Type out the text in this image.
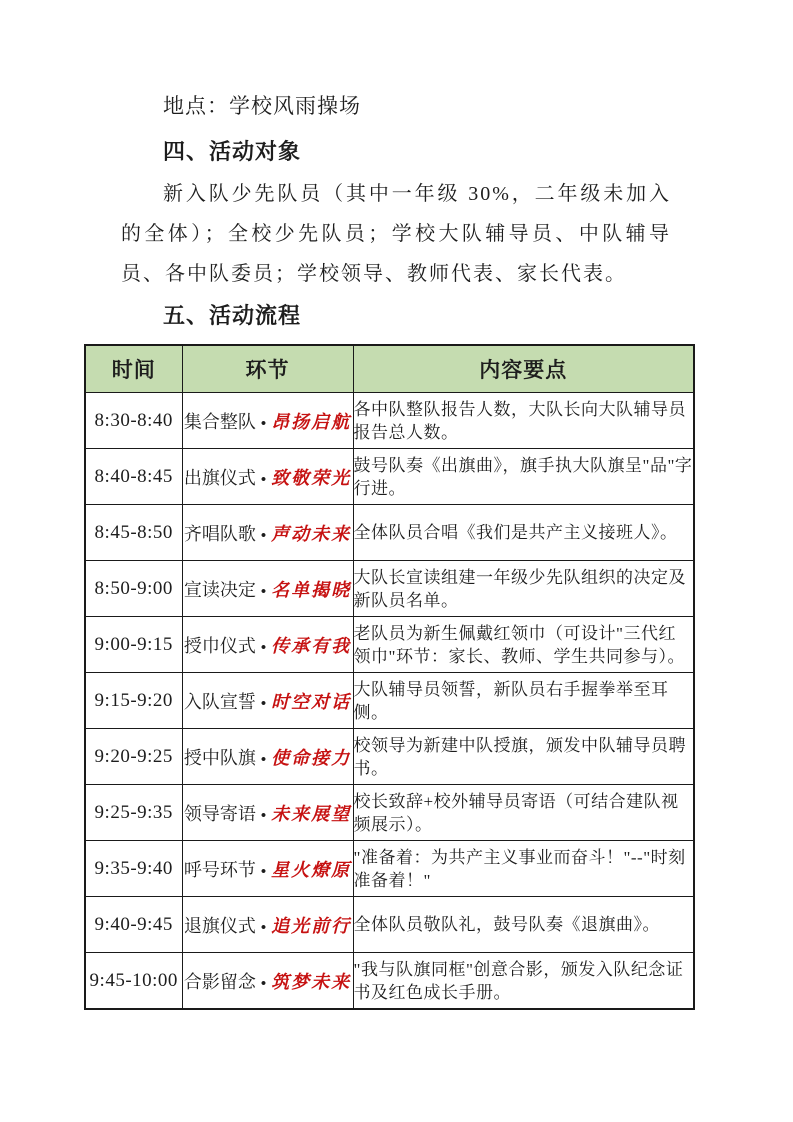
地点：学校风雨操场

四、活动对象

新入队少先队员（其中一年级 30%，二年级未加入的全体）；全校少先队员；学校大队辅导员、中队辅导员、各中队委员；学校领导、教师代表、家长代表。

五、活动流程
时间	环节	内容要点
8:30-8:40	集合整队 • 昂扬启航	各中队整队报告人数，大队长向大队辅导员报告总人数。
8:40-8:45	出旗仪式 • 致敬荣光	鼓号队奏《出旗曲》，旗手执大队旗呈"品"字行进。
8:45-8:50	齐唱队歌 • 声动未来	全体队员合唱《我们是共产主义接班人》。
8:50-9:00	宣读决定 • 名单揭晓	大队长宣读组建一年级少先队组织的决定及新队员名单。
9:00-9:15	授巾仪式 • 传承有我	老队员为新生佩戴红领巾（可设计"三代红领巾"环节：家长、教师、学生共同参与）。
9:15-9:20	入队宣誓 • 时空对话	大队辅导员领誓，新队员右手握拳举至耳侧。
9:20-9:25	授中队旗 • 使命接力	校领导为新建中队授旗，颁发中队辅导员聘书。
9:25-9:35	领导寄语 • 未来展望	校长致辞+校外辅导员寄语（可结合建队视频展示）。
9:35-9:40	呼号环节 • 星火燎原	"准备着：为共产主义事业而奋斗！"--"时刻准备着！"
9:40-9:45	退旗仪式 • 追光前行	全体队员敬队礼，鼓号队奏《退旗曲》。
9:45-10:00	合影留念 • 筑梦未来	"我与队旗同框"创意合影，颁发入队纪念证书及红色成长手册。
